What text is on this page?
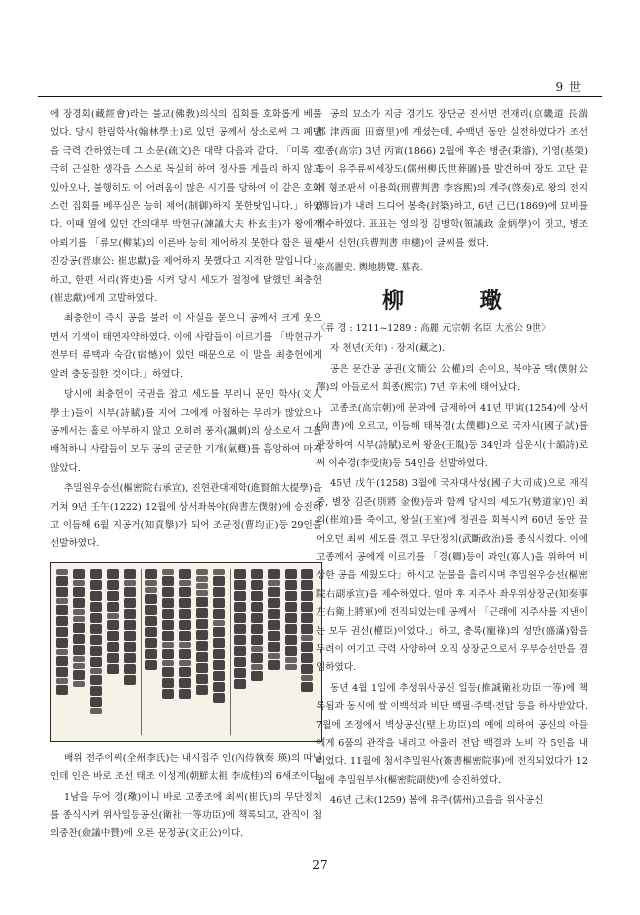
9 世

에 장경회(藏經會)라는 불교(佛敎)의식의 집회를 호화롭게 베풀었다. 당시 한림학사(翰林學士)로 있던 공께서 상소로써 그 폐단을 극력 간하였는데 그 소문(疏文)은 대략 다음과 같다. 「미록 지극히 근실한 생각을 스스로 독실히 하여 정사를 게을리 하지 않고 있아오나, 불행히도 이 어려움이 많은 시기를 당하여 이 같은 호화스런 집회를 베푸심은 능히 제어(制御)하지 못한탓입니다.」하였다. 이때 옆에 있던 간의대부 박현규(諫議大夫 朴玄圭)가 왕에게 아뢰기를 「류모(柳某)의 이른바 능히 제어하지 못한다 함은 필시 진강공(晋康公: 崔忠獻)을 제어하지 못했다고 지적한 말입니다」하고, 한편 서리(胥吏)를 시켜 당시 세도가 절정에 달했던 최충헌(崔忠獻)에게 고발하였다.

최충헌이 즉시 공을 불러 이 사실을 묻으니 공께서 크게 웃으면서 기색이 태연자약하였다. 이에 사람들이 이르기를 「박현규가 전부터 류택과 숙감(宿憾)이 있던 때문으로 이 말을 최충헌에게 알려 충동질한 것이다.」하였다.

당시에 최충헌이 국권을 잡고 세도를 부리니 문인 학사(文人 學士)들이 시부(詩賦)를 지어 그에게 아첨하는 무리가 많았으나 공께서는 홀로 아부하지 않고 오히려 풍자(諷刺)의 상소로서 그를 배척하니 사람들이 모두 공의 굳굳한 기개(氣槪)를 흠앙하여 마지 않았다.

추밀원우승선(樞密院右承宣), 진현관대제학(進賢館大提學)을 거쳐 9년 壬午(1222) 12월에 상서좌복야(尙書左僕射)에 승진하고 이듬해 6월 지공거(知貢擧)가 되어 조균정(曹均正)등 29인을 선발하였다.

배위 전주이씨(全州李氏)는 내시집주 인(內侍執奏 瑛)의 따님인데 인은 바로 조선 태조 이성계(朝鮮太祖 李成桂)의 6세조이다.

1남을 두어 경(璥)이니 바로 고종조에 최씨(崔氏)의 무단정치를 종식시켜 위사일등공신(衛社一等功臣)에 책록되고, 관직이 첨의중찬(僉議中贊)에 오른 문정공(文正公)이다.

공의 묘소가 지금 경기도 장단군 진서면 전재리(京畿道 長湍郡 津西面 田齋里)에 계셨는데, 수백년 동안 실전하였다가 조선 고종(高宗) 3년 丙寅(1866) 2월에 후손 병준(秉濬), 기영(基榮)등이 유주류씨세장도(儒州柳氏世葬圖)를 발견하여 장도 고단 끝에 형조판서 이용희(刑曹判書 李容熙)의 계주(啓奏)로 왕의 전지(傳旨)가 내려 드디어 봉축(封築)하고, 6년 己巳(1869)에 묘비를 개수하였다. 표표는 영의정 김병학(領議政 金炳學)이 짓고, 병조판서 신헌(兵曹判書 申櫶)이 글씨를 썼다.

※高麗史. 輿地勝覽. 墓表.
柳 璥
〈류 경 : 1211~1289 : 高麗 元宗朝 名臣 大丞公 9世〉

자 천년(天年) · 장지(藏之).

공은 문간공 공권(文簡公 公權)의 손이요, 북야공 택(僕射公 澤)의 아들로서 희종(熙宗) 7년 辛未에 태어났다.

고종조(高宗朝)에 문과에 급제하여 41년 甲寅(1254)에 상서(尙書)에 오르고, 이듬해 태복경(太僕卿)으로 국자시(國子試)를 관장하여 시부(詩賦)로써 왕윤(王胤)등 34인과 십운시(十韻詩)로써 이수경(李受庚)등 54인을 선발하였다.

45년 戊午(1258) 3월에 국자대사성(國子大司成)으로 재직중, 별장 김준(別將 金俊)등과 함께 당시의 세도가(勢道家)인 최의(崔竩)를 죽이고, 왕실(王室)에 정권을 회복시켜 60년 동안 끌어오던 최씨 세도를 꺾고 무단정치(武斷政治)를 종식시켰다. 이에 고종께서 공에게 이르기를 「경(卿)등이 과인(寡人)을 위하여 비상한 공을 세웠도다」하시고 눈물을 흘리시며 추밀원우승선(樞密院右副承宣)을 제수하였다. 얼마 후 지주사 좌우위상장군(知奏事 左右衛上將軍)에 전직되었는데 공께서 「근래에 지주사를 지낸이는 모두 권신(權臣)이었다.」하고, 총록(寵祿)의 성만(盛滿)함을 두려이 여기고 극력 사양하여 오직 상장군으로서 우부승선만을 겸임하였다.

동년 4월 1일에 추성위사공신 일등(推誠衛社功臣一等)에 책록됨과 동시에 쌀 이백석과 비단 백필·주택·전답 등을 하사받았다. 7월에 조정에서 벽상공신(壁上功臣)의 예에 의하여 공신의 아들에게 6품의 관작을 내리고 아울러 전답 백결과 노비 각 5인을 내리었다. 11월에 첨서추밀원사(簽書樞密院事)에 전직되었다가 12월에 추밀원부사(樞密院副使)에 승진하였다.

46년 己未(1259) 봄에 유주(儒州)고을을 위사공신

27
